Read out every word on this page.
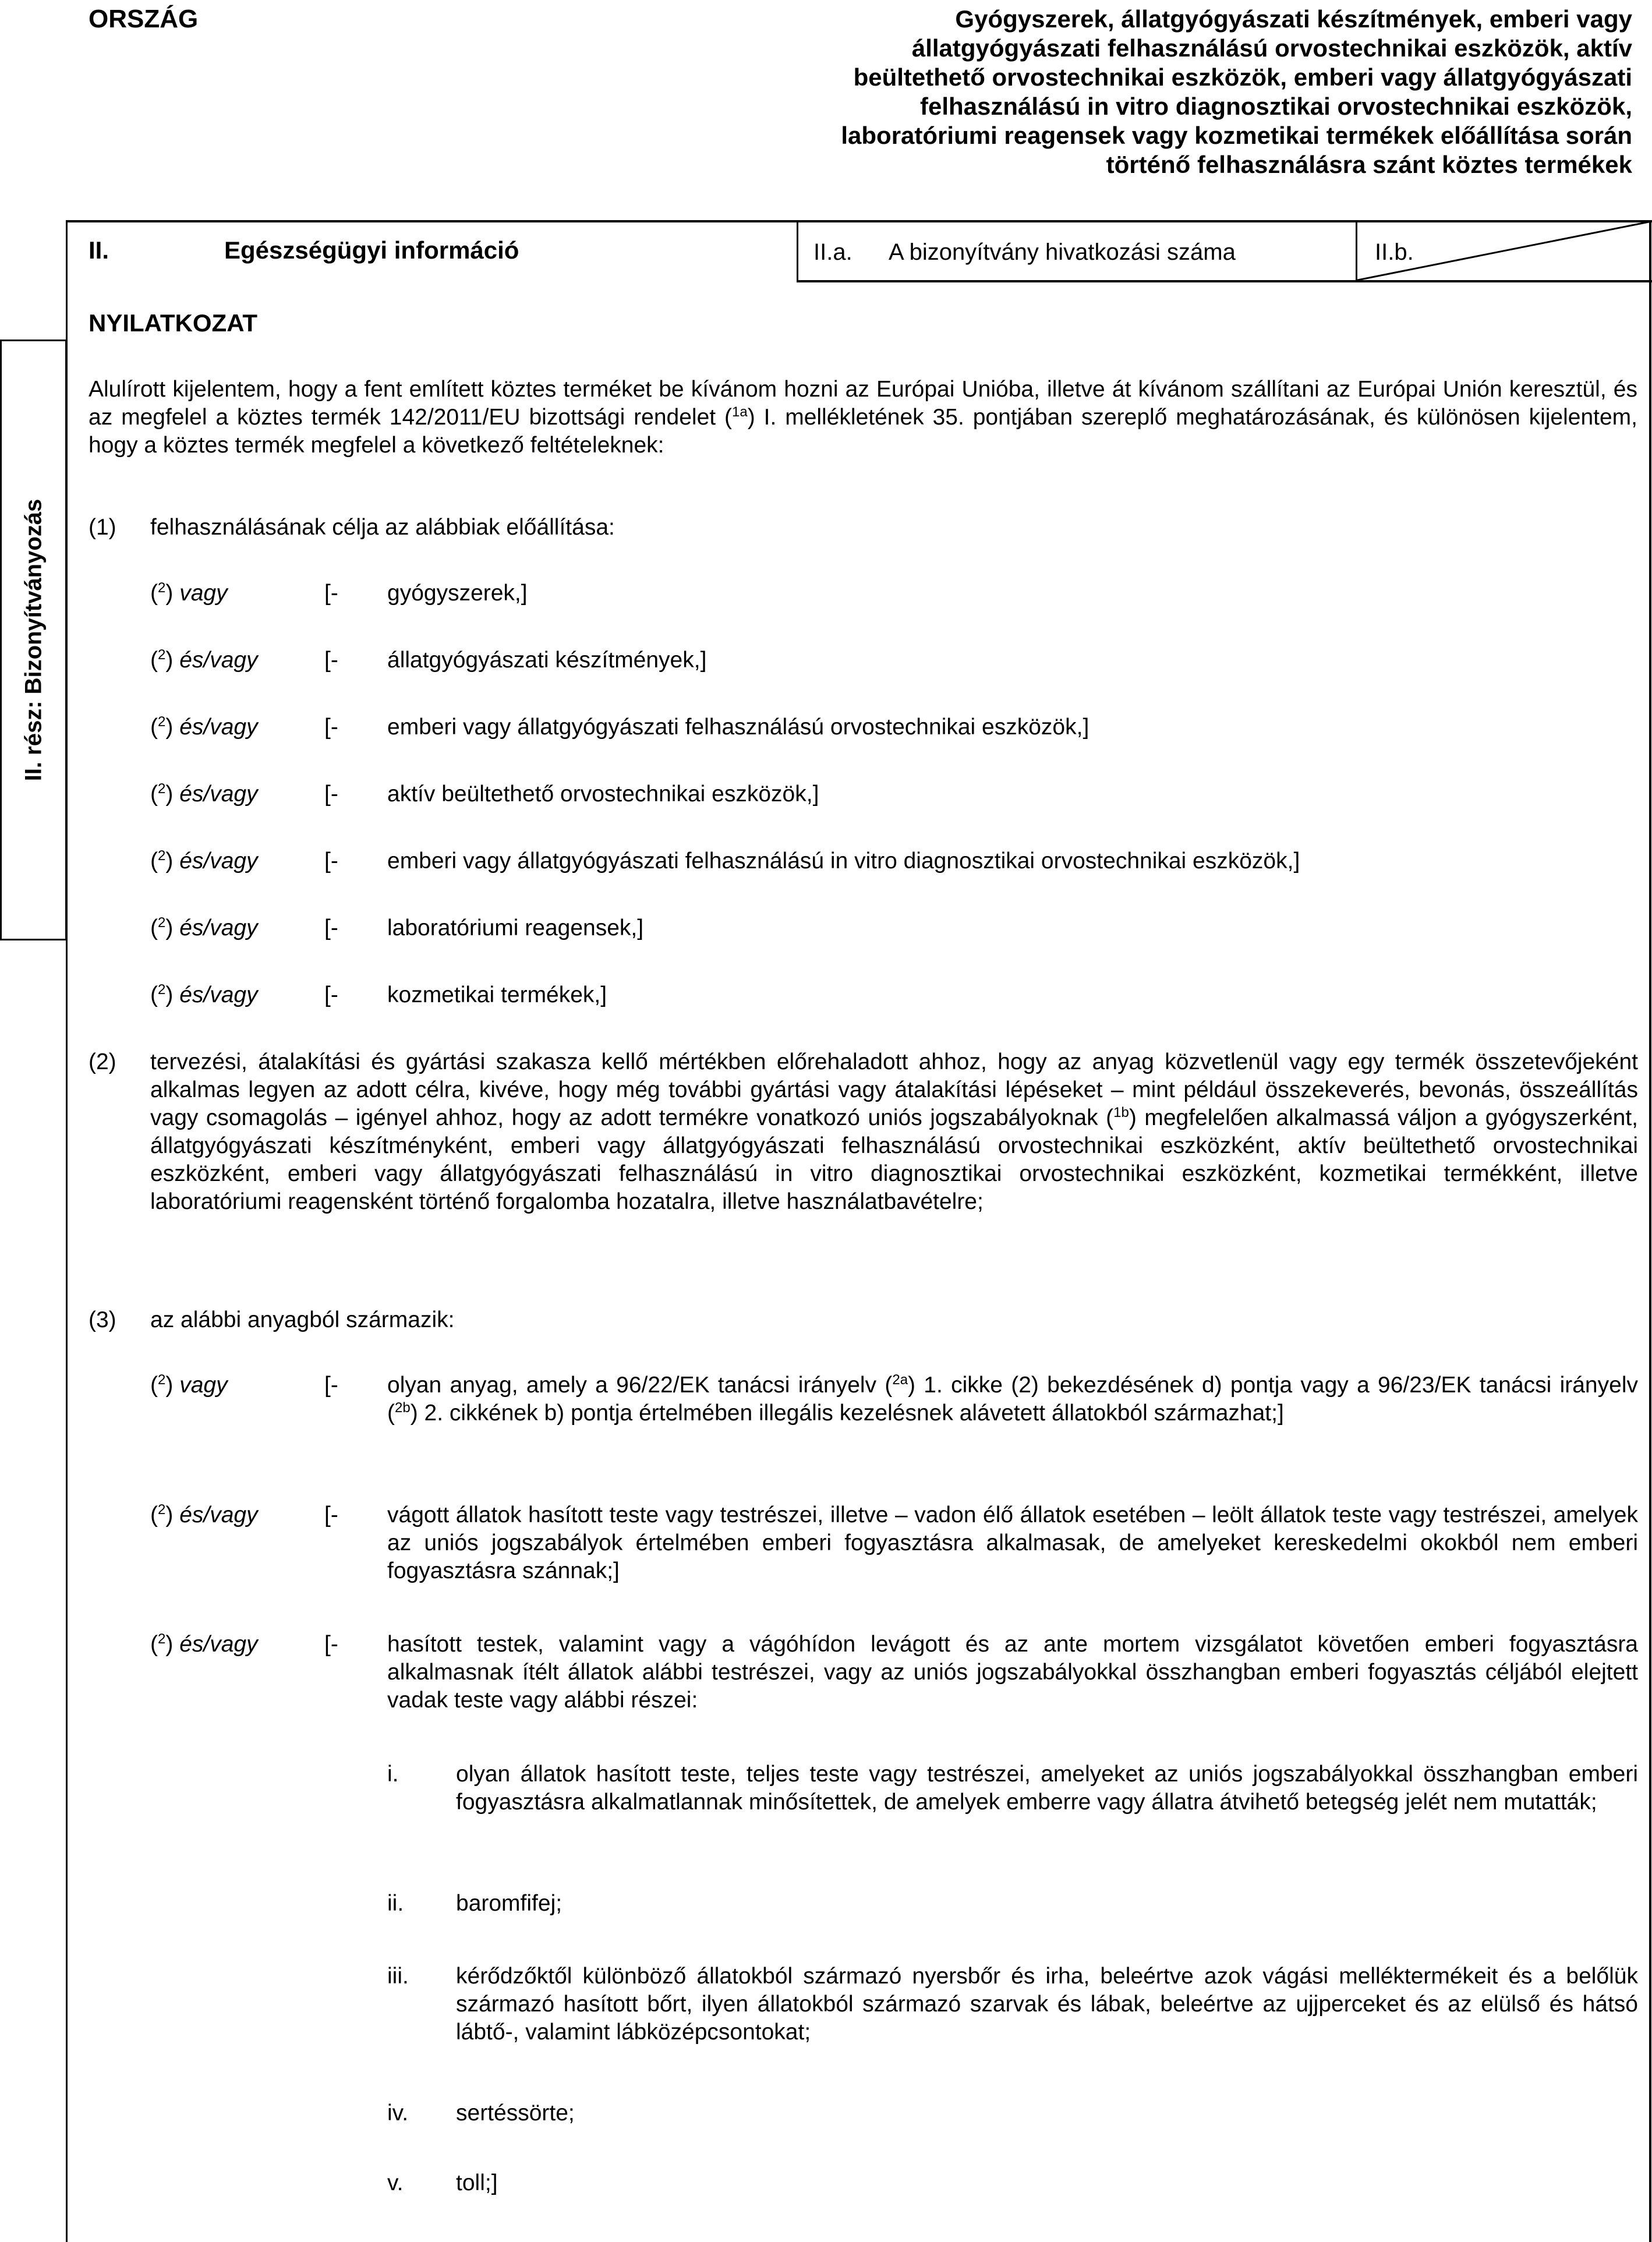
ORSZÁG	Gyógyszerek, állatgyógyászati készítmények, emberi vagy állatgyógyászati felhasználású orvostechnikai eszközök, aktív beültethető orvostechnikai eszközök, emberi vagy állatgyógyászati felhasználású in vitro diagnosztikai orvostechnikai eszközök, laboratóriumi reagensek vagy kozmetikai termékek előállítása során történő felhasználásra szánt köztes termékek
II.	Egészségügyi információ	II.a. A bizonyítvány hivatkozási száma	II.b.
II. rész: Bizonyítványozás
NYILATKOZAT
Alulírott kijelentem, hogy a fent említett köztes terméket be kívánom hozni az Európai Unióba, illetve át kívánom szállítani az Európai Unión keresztül, és az megfelel a köztes termék 142/2011/EU bizottsági rendelet ($^{1a}$) I. mellékletének 35. pontjában szereplő meghatározásának, és különösen kijelentem, hogy a köztes termék megfelel a következő feltételeknek:
(1) felhasználásának célja az alábbiak előállítása:
($^2$) vagy	[- gyógyszerek,]
($^2$) és/vagy	[- állatgyógyászati készítmények,]
($^2$) és/vagy	[- emberi vagy állatgyógyászati felhasználású orvostechnikai eszközök,]
($^2$) és/vagy	[- aktív beültethető orvostechnikai eszközök,]
($^2$) és/vagy	[- emberi vagy állatgyógyászati felhasználású in vitro diagnosztikai orvostechnikai eszközök,]
($^2$) és/vagy	[- laboratóriumi reagensek,]
($^2$) és/vagy	[- kozmetikai termékek,]
(2) tervezési, átalakítási és gyártási szakasza kellő mértékben előrehaladott ahhoz, hogy az anyag közvetlenül vagy egy termék összetevőjeként alkalmas legyen az adott célra, kivéve, hogy még további gyártási vagy átalakítási lépéseket – mint például összekeverés, bevonás, összeállítás vagy csomagolás – igényel ahhoz, hogy az adott termékre vonatkozó uniós jogszabályoknak ($^{1b}$) megfelelően alkalmassá váljon a gyógyszerként, állatgyógyászati készítményként, emberi vagy állatgyógyászati felhasználású orvostechnikai eszközként, aktív beültethető orvostechnikai eszközként, emberi vagy állatgyógyászati felhasználású in vitro diagnosztikai orvostechnikai eszközként, kozmetikai termékként, illetve laboratóriumi reagensként történő forgalomba hozatalra, illetve használatbavételre;
(3) az alábbi anyagból származik:
($^2$) vagy	[- olyan anyag, amely a 96/22/EK tanácsi irányelv ($^{2a}$) 1. cikke (2) bekezdésének d) pontja vagy a 96/23/EK tanácsi irányelv ($^{2b}$) 2. cikkének b) pontja értelmében illegális kezelésnek alávetett állatokból származhat;]
($^2$) és/vagy	[- vágott állatok hasított teste vagy testrészei, illetve – vadon élő állatok esetében – leölt állatok teste vagy testrészei, amelyek az uniós jogszabályok értelmében emberi fogyasztásra alkalmasak, de amelyeket kereskedelmi okokból nem emberi fogyasztásra szánnak;]
($^2$) és/vagy	[- hasított testek, valamint vagy a vágóhídon levágott és az ante mortem vizsgálatot követően emberi fogyasztásra alkalmasnak ítélt állatok alábbi testrészei, vagy az uniós jogszabályokkal összhangban emberi fogyasztás céljából elejtett vadak teste vagy alábbi részei:
i.	olyan állatok hasított teste, teljes teste vagy testrészei, amelyeket az uniós jogszabályokkal összhangban emberi fogyasztásra alkalmatlannak minősítettek, de amelyek emberre vagy állatra átvihető betegség jelét nem mutatták;
ii. baromfifej;
iii. kérődzőktől különböző állatokból származó nyersbőr és irha, beleértve azok vágási melléktermékeit és a belőlük származó hasított bőrt, ilyen állatokból származó szarvak és lábak, beleértve az ujjperceket és az elülső és hátsó lábtő-, valamint lábközépcsontokat;
iv. sertéssörte;
v. toll;]
